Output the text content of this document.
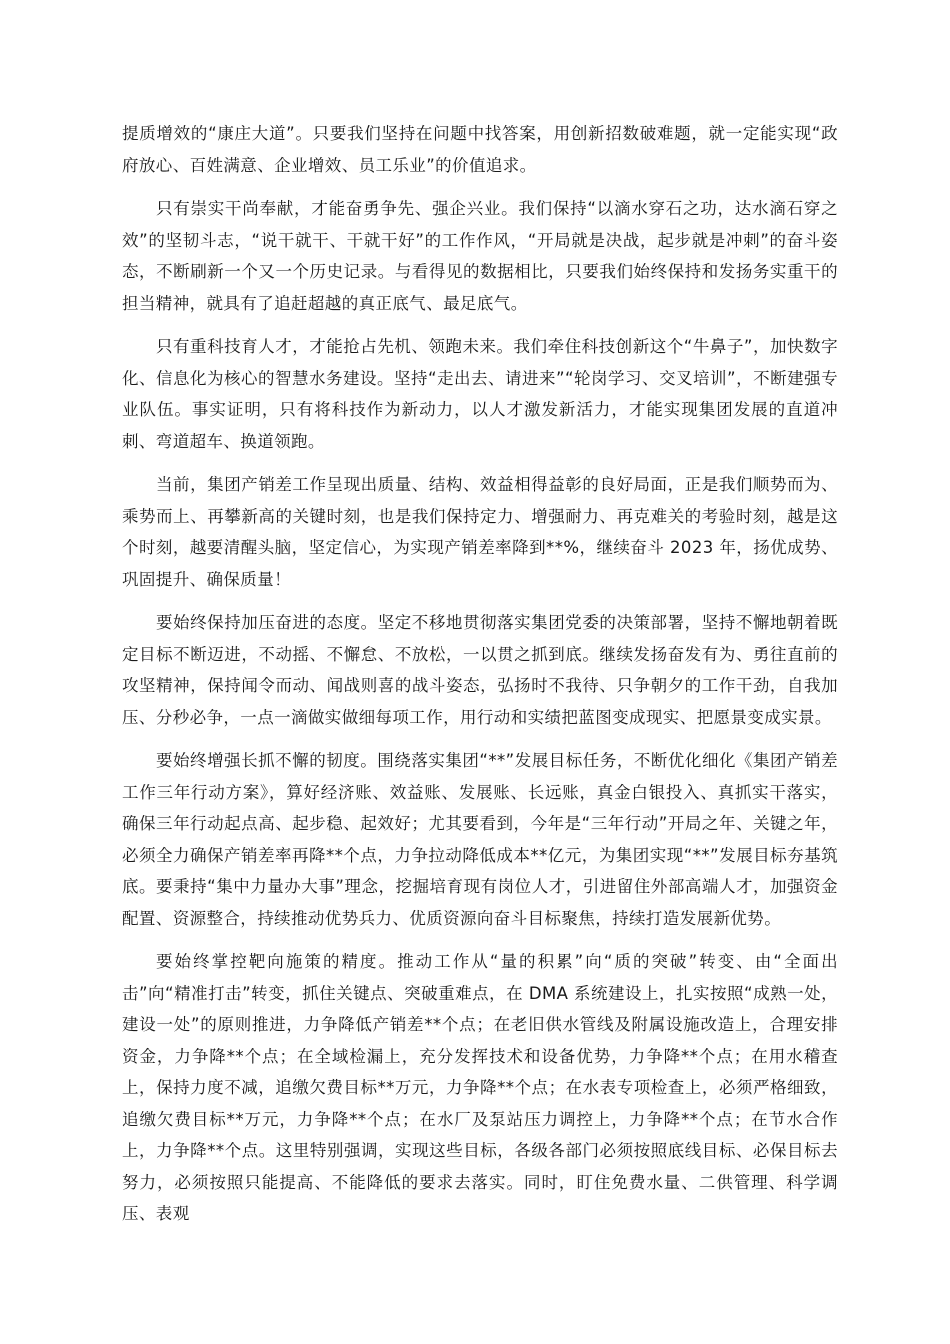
提质增效的“康庄大道”。只要我们坚持在问题中找答案，用创新招数破难题，就一定能实现“政府放心、百姓满意、企业增效、员工乐业”的价值追求。

只有崇实干尚奉献，才能奋勇争先、强企兴业。我们保持“以滴水穿石之功，达水滴石穿之效”的坚韧斗志，“说干就干、干就干好”的工作作风，“开局就是决战，起步就是冲刺”的奋斗姿态，不断刷新一个又一个历史记录。与看得见的数据相比，只要我们始终保持和发扬务实重干的担当精神，就具有了追赶超越的真正底气、最足底气。

只有重科技育人才，才能抢占先机、领跑未来。我们牵住科技创新这个“牛鼻子”，加快数字化、信息化为核心的智慧水务建设。坚持“走出去、请进来”“轮岗学习、交叉培训”，不断建强专业队伍。事实证明，只有将科技作为新动力，以人才激发新活力，才能实现集团发展的直道冲刺、弯道超车、换道领跑。

当前，集团产销差工作呈现出质量、结构、效益相得益彰的良好局面，正是我们顺势而为、乘势而上、再攀新高的关键时刻，也是我们保持定力、增强耐力、再克难关的考验时刻，越是这个时刻，越要清醒头脑，坚定信心，为实现产销差率降到**%，继续奋斗 2023 年，扬优成势、巩固提升、确保质量！

要始终保持加压奋进的态度。坚定不移地贯彻落实集团党委的决策部署，坚持不懈地朝着既定目标不断迈进，不动摇、不懈怠、不放松，一以贯之抓到底。继续发扬奋发有为、勇往直前的攻坚精神，保持闻令而动、闻战则喜的战斗姿态，弘扬时不我待、只争朝夕的工作干劲，自我加压、分秒必争，一点一滴做实做细每项工作，用行动和实绩把蓝图变成现实、把愿景变成实景。

要始终增强长抓不懈的韧度。围绕落实集团“**”发展目标任务，不断优化细化《集团产销差工作三年行动方案》，算好经济账、效益账、发展账、长远账，真金白银投入、真抓实干落实，确保三年行动起点高、起步稳、起效好；尤其要看到，今年是“三年行动”开局之年、关键之年，必须全力确保产销差率再降**个点，力争拉动降低成本**亿元，为集团实现“**”发展目标夯基筑底。要秉持“集中力量办大事”理念，挖掘培育现有岗位人才，引进留住外部高端人才，加强资金配置、资源整合，持续推动优势兵力、优质资源向奋斗目标聚焦，持续打造发展新优势。

要始终掌控靶向施策的精度。推动工作从“量的积累”向“质的突破”转变、由“全面出击”向“精准打击”转变，抓住关键点、突破重难点，在 DMA 系统建设上，扎实按照“成熟一处，建设一处”的原则推进，力争降低产销差**个点；在老旧供水管线及附属设施改造上，合理安排资金，力争降**个点；在全域检漏上，充分发挥技术和设备优势，力争降**个点；在用水稽查上，保持力度不减，追缴欠费目标**万元，力争降**个点；在水表专项检查上，必须严格细致，追缴欠费目标**万元，力争降**个点；在水厂及泵站压力调控上，力争降**个点；在节水合作上，力争降**个点。这里特别强调，实现这些目标，各级各部门必须按照底线目标、必保目标去努力，必须按照只能提高、不能降低的要求去落实。同时，盯住免费水量、二供管理、科学调压、表观
